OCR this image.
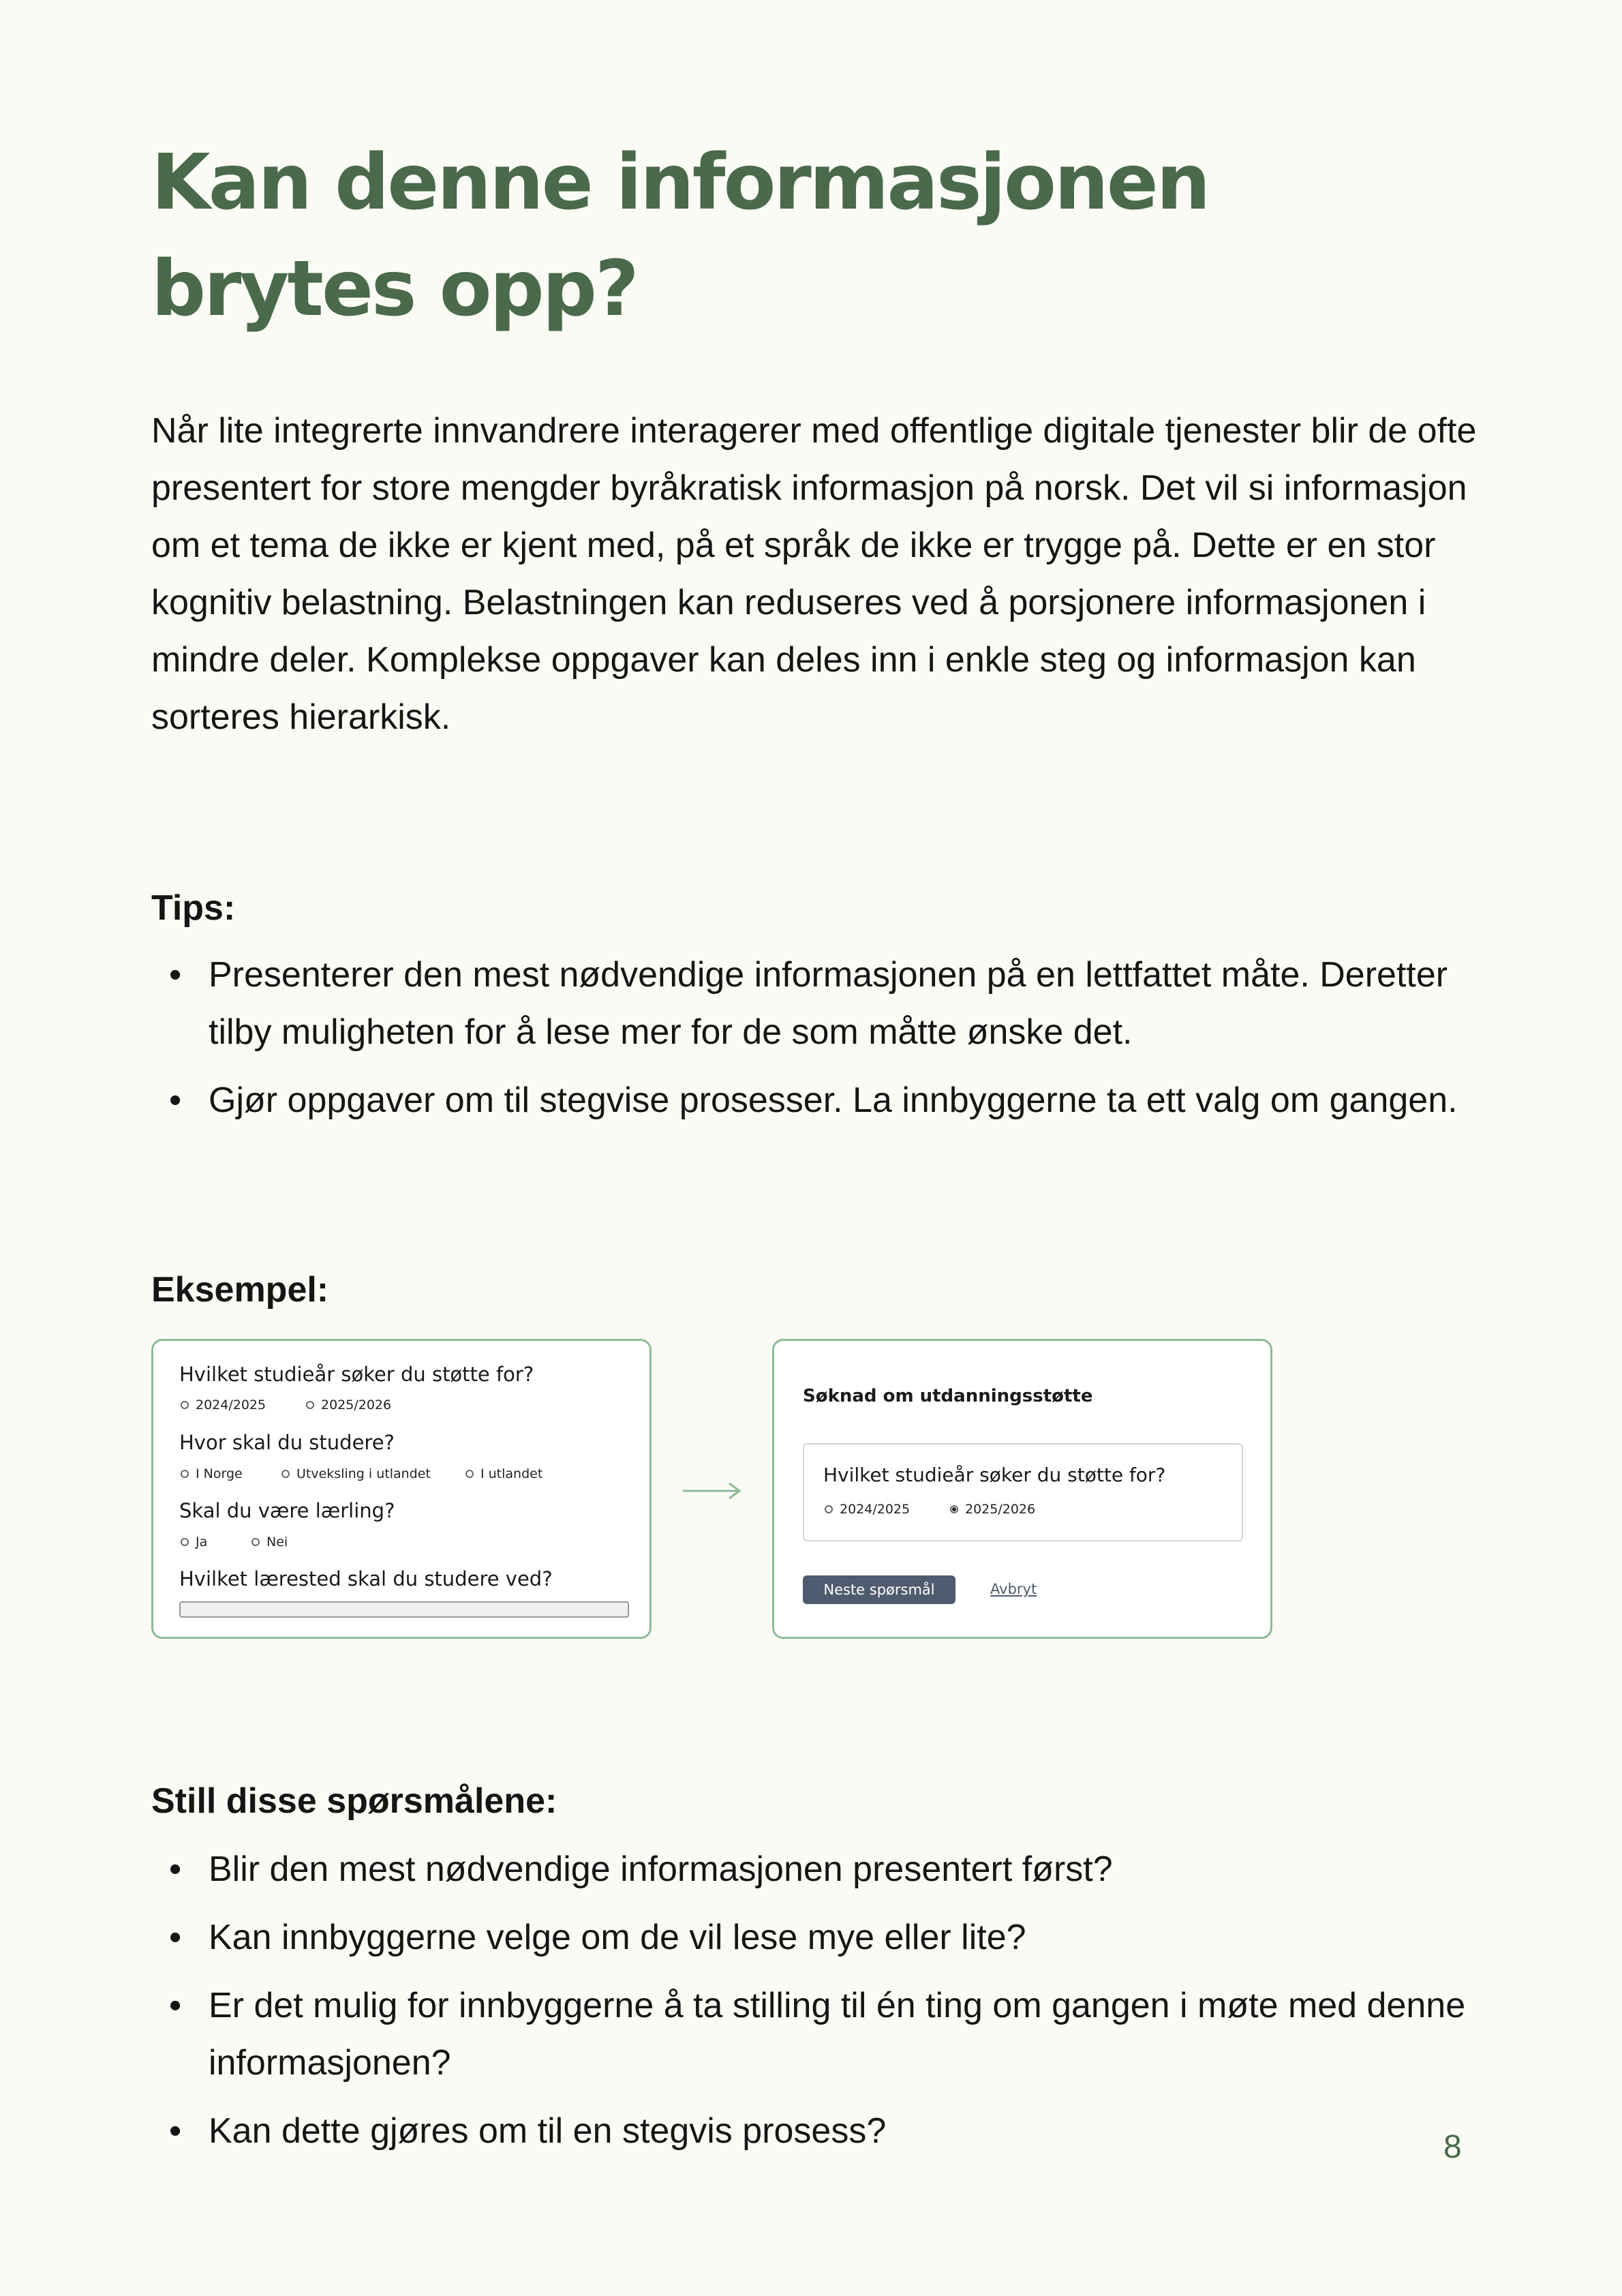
Kan denne informasjonen brytes opp?

Når lite integrerte innvandrere interagerer med offentlige digitale tjenester blir de ofte presentert for store mengder byråkratisk informasjon på norsk. Det vil si informasjon om et tema de ikke er kjent med, på et språk de ikke er trygge på. Dette er en stor kognitiv belastning. Belastningen kan reduseres ved å porsjonere informasjonen i mindre deler. Komplekse oppgaver kan deles inn i enkle steg og informasjon kan sorteres hierarkisk.

Tips:
• Presenterer den mest nødvendige informasjonen på en lettfattet måte. Deretter tilby muligheten for å lese mer for de som måtte ønske det.
• Gjør oppgaver om til stegvise prosesser. La innbyggerne ta ett valg om gangen.
Eksempel:
Hvilket studieår søker du støtte for?
2024/2025	2025/2026
Hvor skal du studere?
I Norge	Utveksling i utlandet	I utlandet
Skal du være lærling?
Ja	Nei
Hvilket lærested skal du studere ved?
Søknad om utdanningsstøtte
Hvilket studieår søker du støtte for?
2024/2025	2025/2026
Neste spørsmål	Avbryt
Still disse spørsmålene:
• Blir den mest nødvendige informasjonen presentert først?
• Kan innbyggerne velge om de vil lese mye eller lite?
• Er det mulig for innbyggerne å ta stilling til én ting om gangen i møte med denne informasjonen?
• Kan dette gjøres om til en stegvis prosess?	8
